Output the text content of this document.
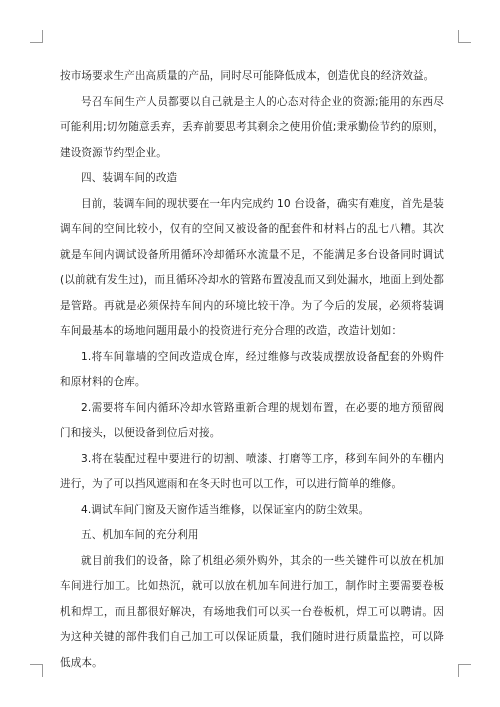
按市场要求生产出高质量的产品，同时尽可能降低成本，创造优良的经济效益。

号召车间生产人员都要以自己就是主人的心态对待企业的资源;能用的东西尽可能利用;切勿随意丢弃，丢弃前要思考其剩余之使用价值;秉承勤俭节约的原则，建设资源节约型企业。

四、装调车间的改造

目前，装调车间的现状要在一年内完成约 10 台设备，确实有难度，首先是装调车间的空间比较小，仅有的空间又被设备的配套件和材料占的乱七八糟。其次就是车间内调试设备所用循环冷却循环水流量不足，不能满足多台设备同时调试(以前就有发生过)，而且循环冷却水的管路布置凌乱而又到处漏水，地面上到处都是管路。再就是必须保持车间内的环境比较干净。为了今后的发展，必须将装调车间最基本的场地问题用最小的投资进行充分合理的改造，改造计划如：

1.将车间靠墙的空间改造成仓库，经过维修与改装成摆放设备配套的外购件和原材料的仓库。

2.需要将车间内循环冷却水管路重新合理的规划布置，在必要的地方预留阀门和接头，以便设备到位后对接。

3.将在装配过程中要进行的切割、喷漆、打磨等工序，移到车间外的车棚内进行，为了可以挡风遮雨和在冬天时也可以工作，可以进行简单的维修。

4.调试车间门窗及天窗作适当维修，以保证室内的防尘效果。

五、机加车间的充分利用

就目前我们的设备，除了机组必须外购外，其余的一些关键件可以放在机加车间进行加工。比如热沉，就可以放在机加车间进行加工，制作时主要需要卷板机和焊工，而且都很好解决，有场地我们可以买一台卷板机，焊工可以聘请。因为这种关键的部件我们自己加工可以保证质量，我们随时进行质量监控，可以降低成本。
